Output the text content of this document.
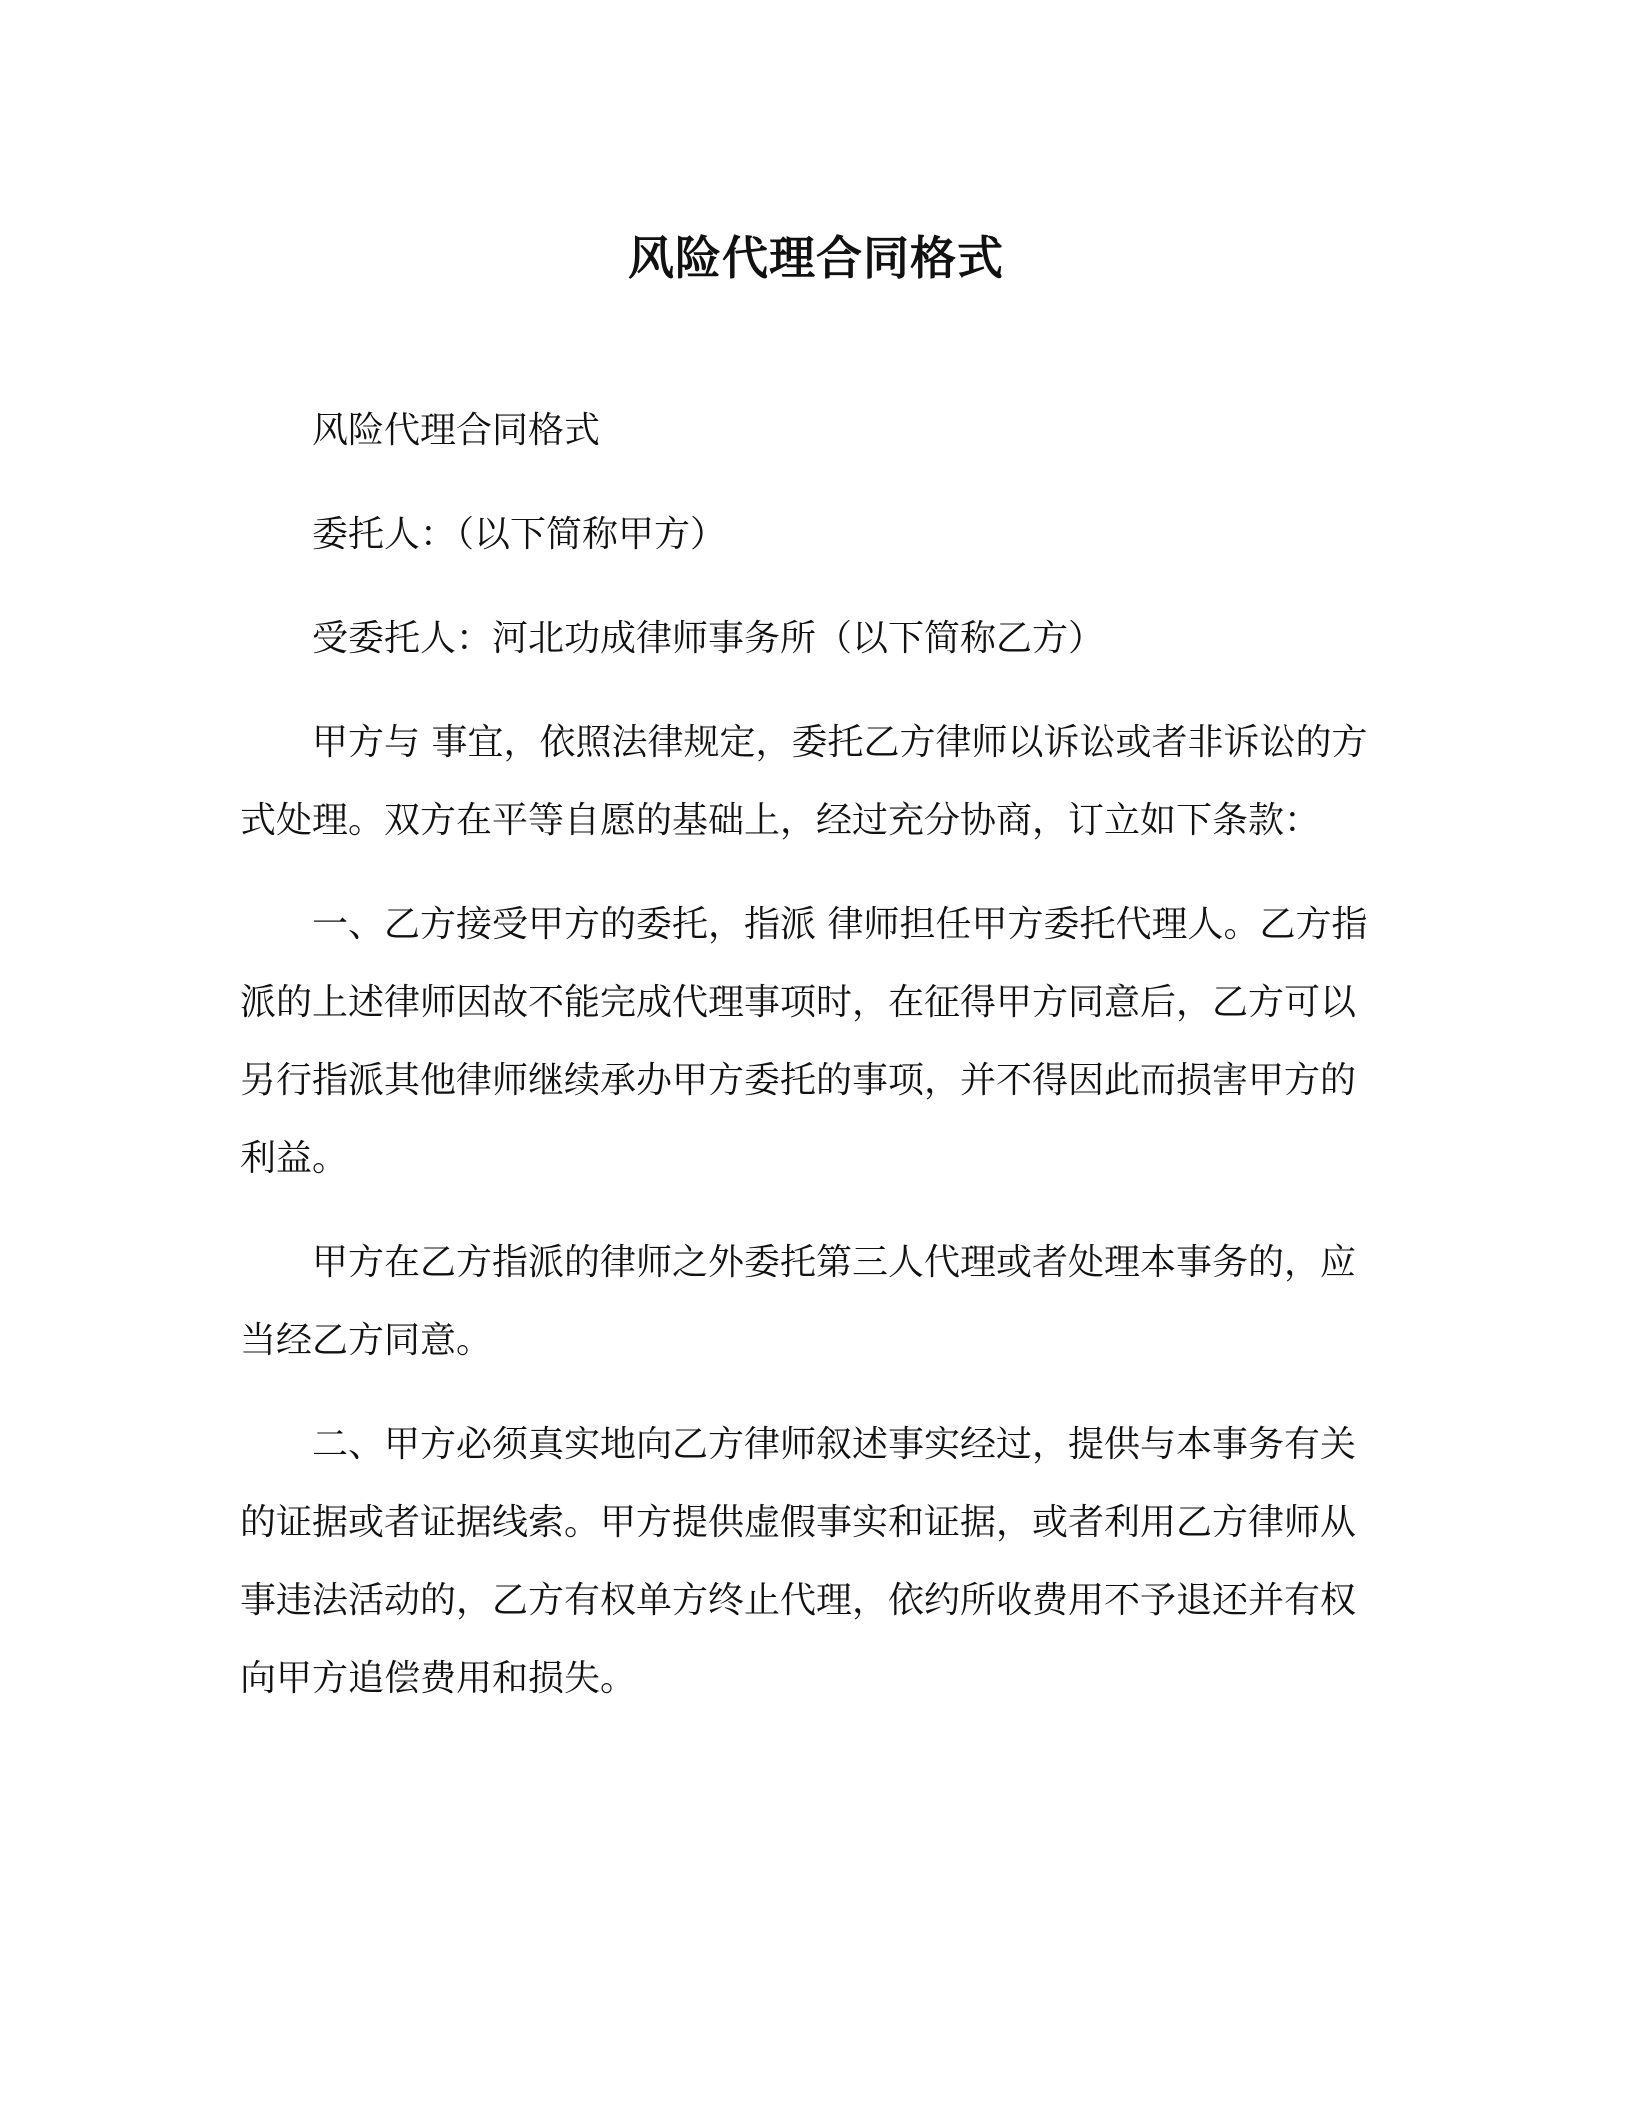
风险代理合同格式

风险代理合同格式

委托人：（以下简称甲方）

受委托人：河北功成律师事务所（以下简称乙方）

甲方与 事宜，依照法律规定，委托乙方律师以诉讼或者非诉讼的方式处理。双方在平等自愿的基础上，经过充分协商，订立如下条款：

一、乙方接受甲方的委托，指派 律师担任甲方委托代理人。乙方指派的上述律师因故不能完成代理事项时，在征得甲方同意后，乙方可以另行指派其他律师继续承办甲方委托的事项，并不得因此而损害甲方的利益。

甲方在乙方指派的律师之外委托第三人代理或者处理本事务的，应当经乙方同意。

二、甲方必须真实地向乙方律师叙述事实经过，提供与本事务有关的证据或者证据线索。甲方提供虚假事实和证据，或者利用乙方律师从事违法活动的，乙方有权单方终止代理，依约所收费用不予退还并有权向甲方追偿费用和损失。
